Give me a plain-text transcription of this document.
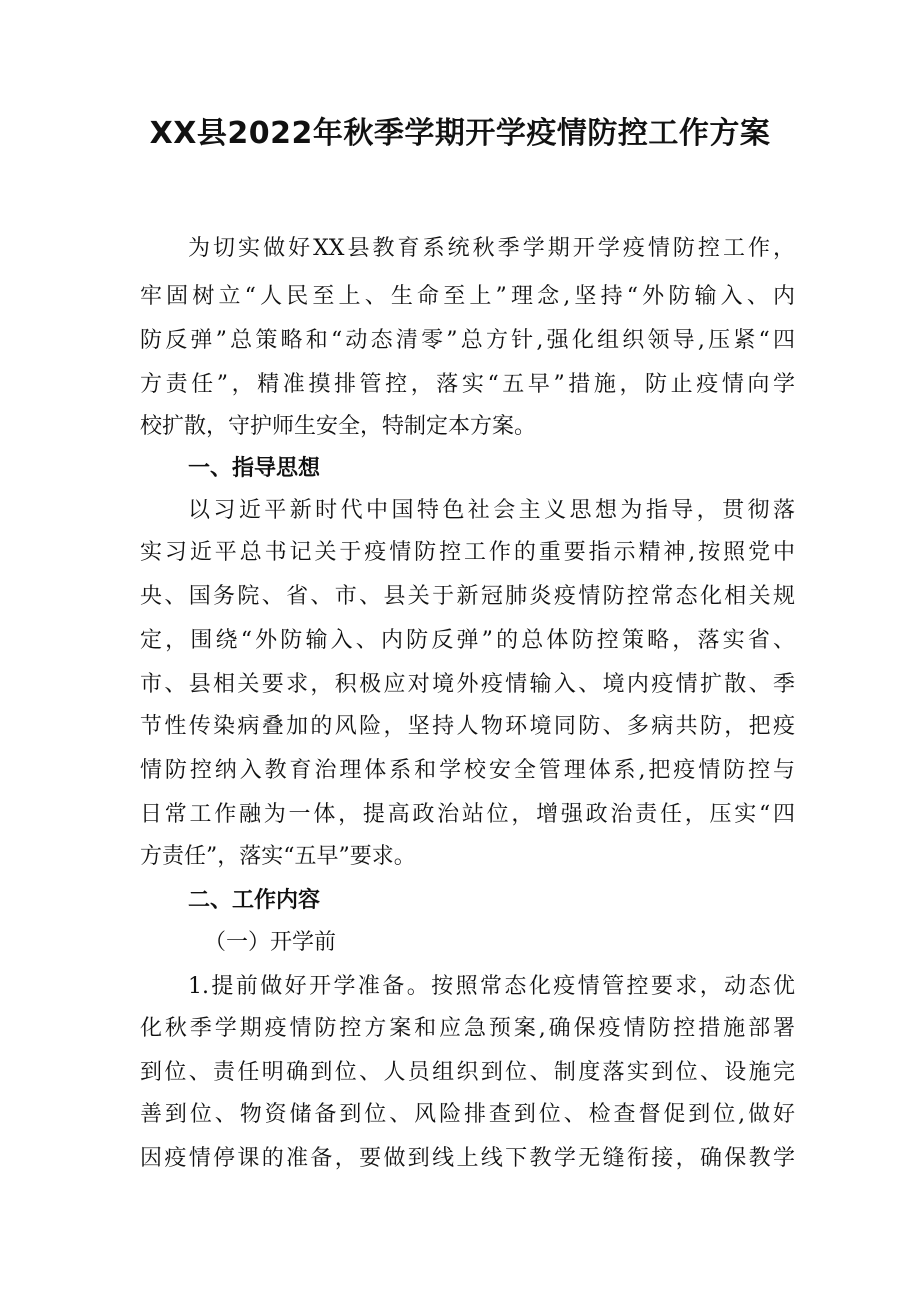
XX县2022年秋季学期开学疫情防控工作方案
为切实做好XX县教育系统秋季学期开学疫情防控工作，
牢固树立“人民至上、生命至上”理念,坚持“外防输入、内
防反弹”总策略和“动态清零”总方针,强化组织领导,压紧“四
方责任”，精准摸排管控，落实“五早”措施，防止疫情向学
校扩散，守护师生安全，特制定本方案。
一、指导思想
以习近平新时代中国特色社会主义思想为指导，贯彻落
实习近平总书记关于疫情防控工作的重要指示精神,按照党中
央、国务院、省、市、县关于新冠肺炎疫情防控常态化相关规
定，围绕“外防输入、内防反弹”的总体防控策略，落实省、
市、县相关要求，积极应对境外疫情输入、境内疫情扩散、季
节性传染病叠加的风险，坚持人物环境同防、多病共防，把疫
情防控纳入教育治理体系和学校安全管理体系,把疫情防控与
日常工作融为一体，提高政治站位，增强政治责任，压实“四
方责任”，落实“五早”要求。
二、工作内容
（一）开学前
1.提前做好开学准备。按照常态化疫情管控要求，动态优
化秋季学期疫情防控方案和应急预案,确保疫情防控措施部署
到位、责任明确到位、人员组织到位、制度落实到位、设施完
善到位、物资储备到位、风险排查到位、检查督促到位,做好
因疫情停课的准备，要做到线上线下教学无缝衔接，确保教学
